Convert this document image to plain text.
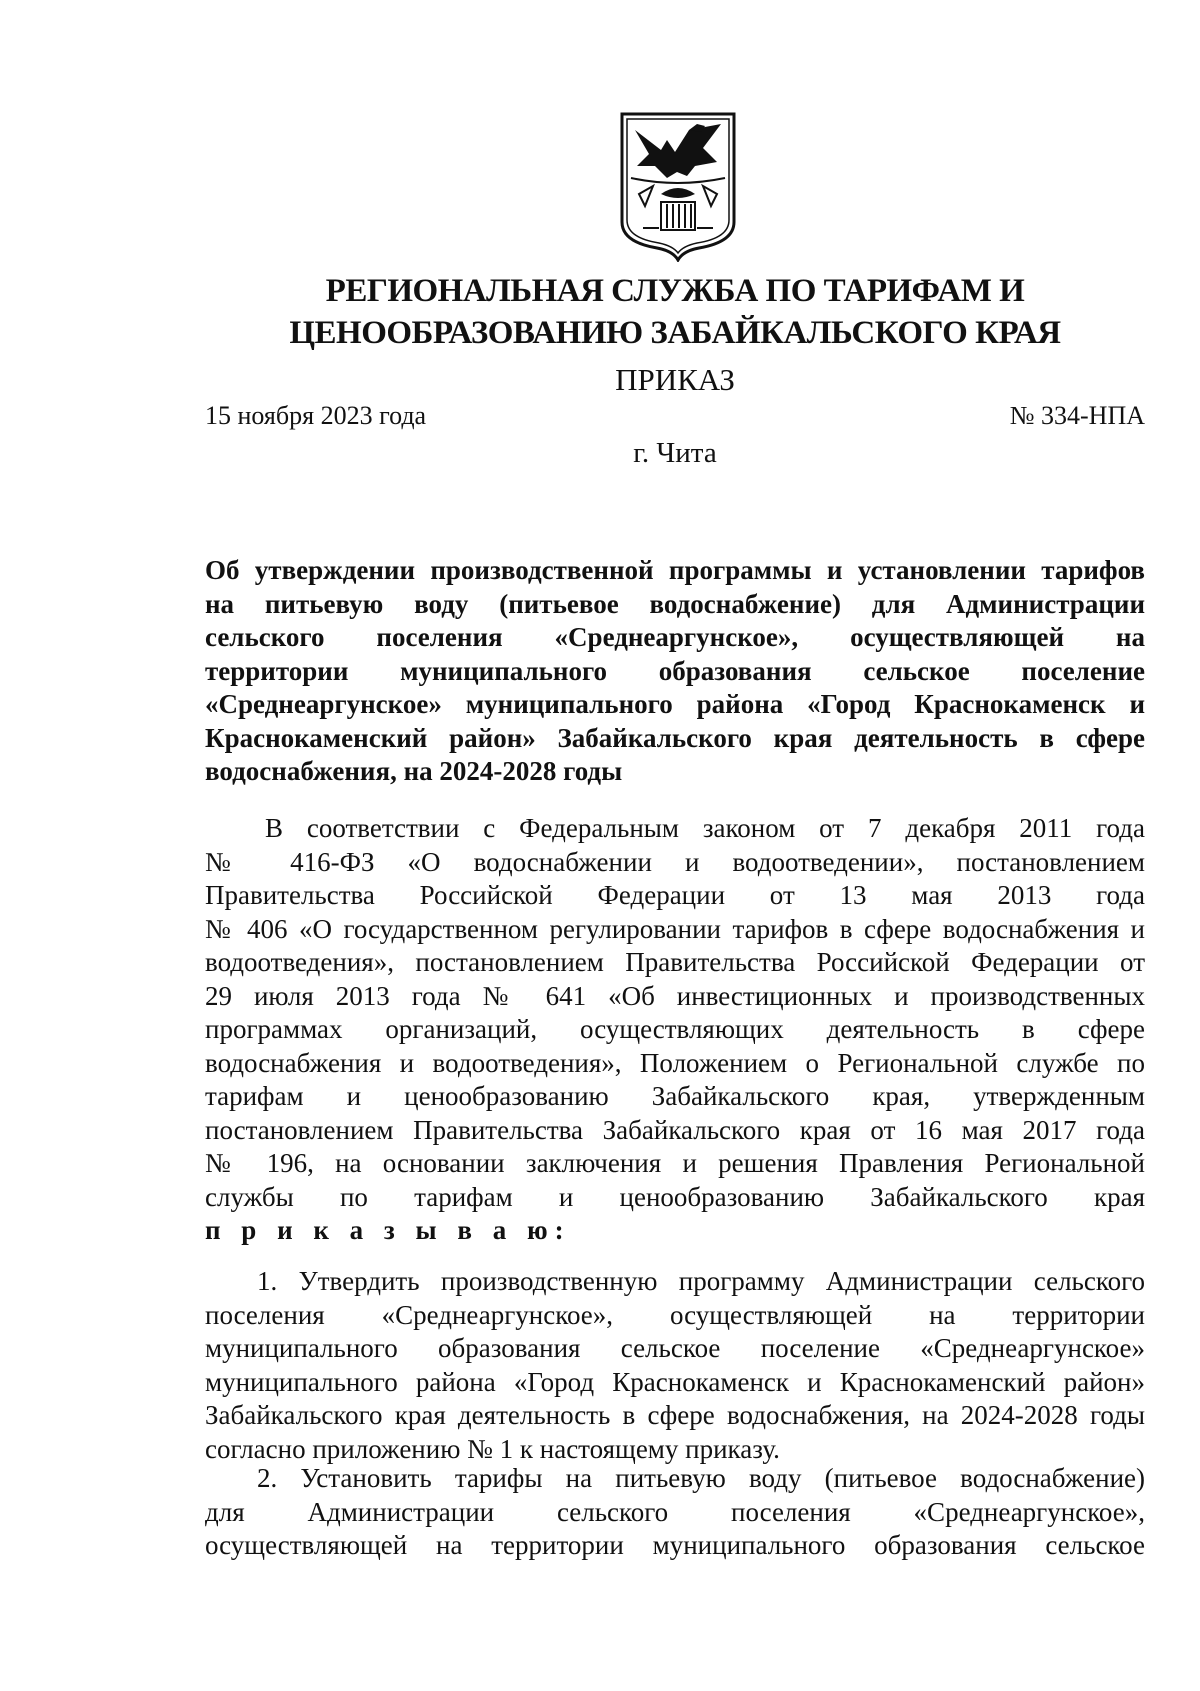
РЕГИОНАЛЬНАЯ СЛУЖБА ПО ТАРИФАМ И
ЦЕНООБРАЗОВАНИЮ ЗАБАЙКАЛЬСКОГО КРАЯ
ПРИКАЗ
15 ноября 2023 года	№ 334-НПА
г. Чита
Об утверждении производственной программы и установлении тарифов
на питьевую воду (питьевое водоснабжение) для Администрации
сельского поселения «Среднеаргунское», осуществляющей на
территории муниципального образования сельское поселение
«Среднеаргунское» муниципального района «Город Краснокаменск и
Краснокаменский район» Забайкальского края деятельность в сфере
водоснабжения, на 2024-2028 годы
В соответствии с Федеральным законом от 7 декабря 2011 года
№ 416-ФЗ «О водоснабжении и водоотведении», постановлением
Правительства Российской Федерации от 13 мая 2013 года
№ 406 «О государственном регулировании тарифов в сфере водоснабжения и
водоотведения», постановлением Правительства Российской Федерации от
29 июля 2013 года № 641 «Об инвестиционных и производственных
программах организаций, осуществляющих деятельность в сфере
водоснабжения и водоотведения», Положением о Региональной службе по
тарифам и ценообразованию Забайкальского края, утвержденным
постановлением Правительства Забайкальского края от 16 мая 2017 года
№ 196, на основании заключения и решения Правления Региональной
службы по тарифам и ценообразованию Забайкальского края
п р и к а з ы в а ю:
1. Утвердить производственную программу Администрации сельского
поселения «Среднеаргунское», осуществляющей на территории
муниципального образования сельское поселение «Среднеаргунское»
муниципального района «Город Краснокаменск и Краснокаменский район»
Забайкальского края деятельность в сфере водоснабжения, на 2024-2028 годы
согласно приложению № 1 к настоящему приказу.
2. Установить тарифы на питьевую воду (питьевое водоснабжение)
для Администрации сельского поселения «Среднеаргунское»,
осуществляющей на территории муниципального образования сельское
